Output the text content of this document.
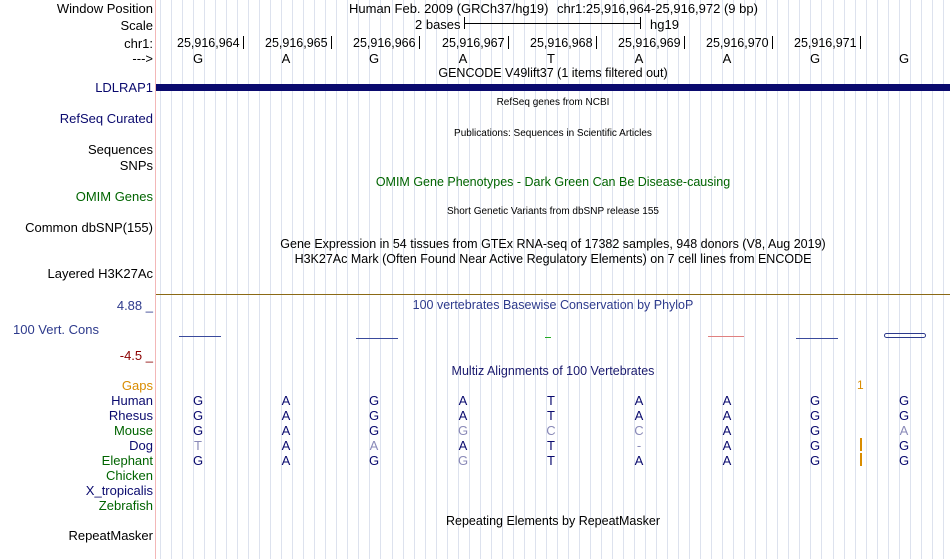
Window Position	Human Feb. 2009 (GRCh37/hg19) chr1:25,916,964-25,916,972 (9 bp)
Scale	2 bases	hg19
chr1: 25,916,964 25,916,965 25,916,966 25,916,967 25,916,968 25,916,969 25,916,970 25,916,971
--->	G	A	G	A	T	A	A	G	G
GENCODE V49lift37 (1 items filtered out)
LDLRAP1
RefSeq genes from NCBI
RefSeq Curated
Publications: Sequences in Scientific Articles
Sequences
SNPs
OMIM Gene Phenotypes - Dark Green Can Be Disease-causing
OMIM Genes
Short Genetic Variants from dbSNP release 155
Common dbSNP(155)
Gene Expression in 54 tissues from GTEx RNA-seq of 17382 samples, 948 donors (V8, Aug 2019)
H3K27Ac Mark (Often Found Near Active Regulatory Elements) on 7 cell lines from ENCODE
Layered H3K27Ac
4.88 _	100 vertebrates Basewise Conservation by PhyloP
100 Vert. Cons
-4.5 _
Multiz Alignments of 100 Vertebrates
Gaps	1
Human	G	A	G	A	T	A	A	G	G
Rhesus	G	A	G	A	T	A	A	G	G
Mouse	G	A	G	G	C	C	A	G	A
Dog	T	A	A	A	T	-	A	G	G
Elephant	G	A	G	G	T	A	A	G	G
Chicken
X_tropicalis
Zebrafish
Repeating Elements by RepeatMasker
RepeatMasker
